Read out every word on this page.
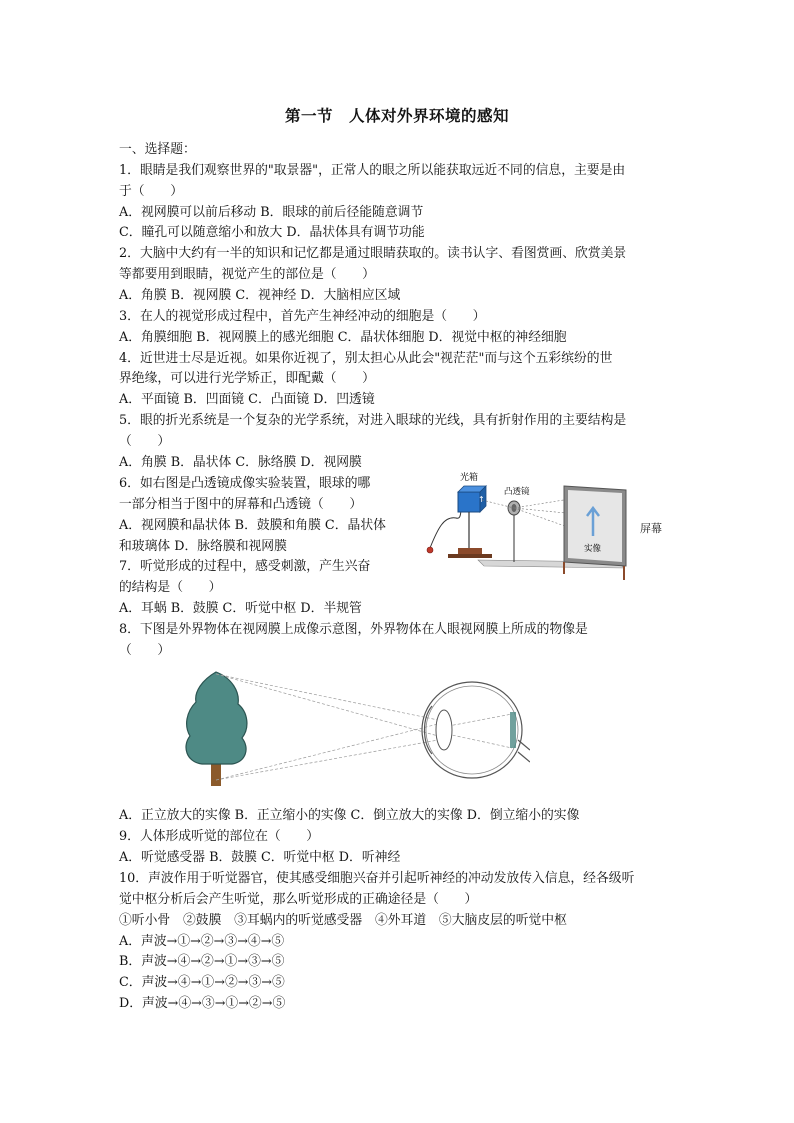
第一节　人体对外界环境的感知
一、选择题：
1．眼睛是我们观察世界的"取景器"，正常人的眼之所以能获取远近不同的信息，主要是由
于（　　）
A．视网膜可以前后移动 B．眼球的前后径能随意调节
C．瞳孔可以随意缩小和放大 D．晶状体具有调节功能
2．大脑中大约有一半的知识和记忆都是通过眼睛获取的。读书认字、看图赏画、欣赏美景
等都要用到眼睛，视觉产生的部位是（　　）
A．角膜 B．视网膜 C．视神经 D．大脑相应区域
3．在人的视觉形成过程中，首先产生神经冲动的细胞是（　　）
A．角膜细胞 B．视网膜上的感光细胞 C．晶状体细胞 D．视觉中枢的神经细胞
4．近世进士尽是近视。如果你近视了，别太担心从此会"视茫茫"而与这个五彩缤纷的世
界绝缘，可以进行光学矫正，即配戴（　　）
A．平面镜 B．凹面镜 C．凸面镜 D．凹透镜
5．眼的折光系统是一个复杂的光学系统，对进入眼球的光线，具有折射作用的主要结构是
（　　）
A．角膜 B．晶状体 C．脉络膜 D．视网膜
6．如右图是凸透镜成像实验装置，眼球的哪
一部分相当于图中的屏幕和凸透镜（　　）
A．视网膜和晶状体 B．鼓膜和角膜 C．晶状体
和玻璃体 D．脉络膜和视网膜
7．听觉形成的过程中，感受刺激，产生兴奋
的结构是（　　）
A．耳蜗 B．鼓膜 C．听觉中枢 D．半规管
8．下图是外界物体在视网膜上成像示意图，外界物体在人眼视网膜上所成的物像是
（　　）
A．正立放大的实像 B．正立缩小的实像 C．倒立放大的实像 D．倒立缩小的实像
9．人体形成听觉的部位在（　　）
A．听觉感受器 B．鼓膜 C．听觉中枢 D．听神经
10．声波作用于听觉器官，使其感受细胞兴奋并引起听神经的冲动发放传入信息，经各级听
觉中枢分析后会产生听觉，那么听觉形成的正确途径是（　　）
①听小骨　②鼓膜　③耳蜗内的听觉感受器　④外耳道　⑤大脑皮层的听觉中枢
A．声波→①→②→③→④→⑤
B．声波→④→②→①→③→⑤
C．声波→④→①→②→③→⑤
D．声波→④→③→①→②→⑤
↑
光箱
凸透镜
实像
屏幕
